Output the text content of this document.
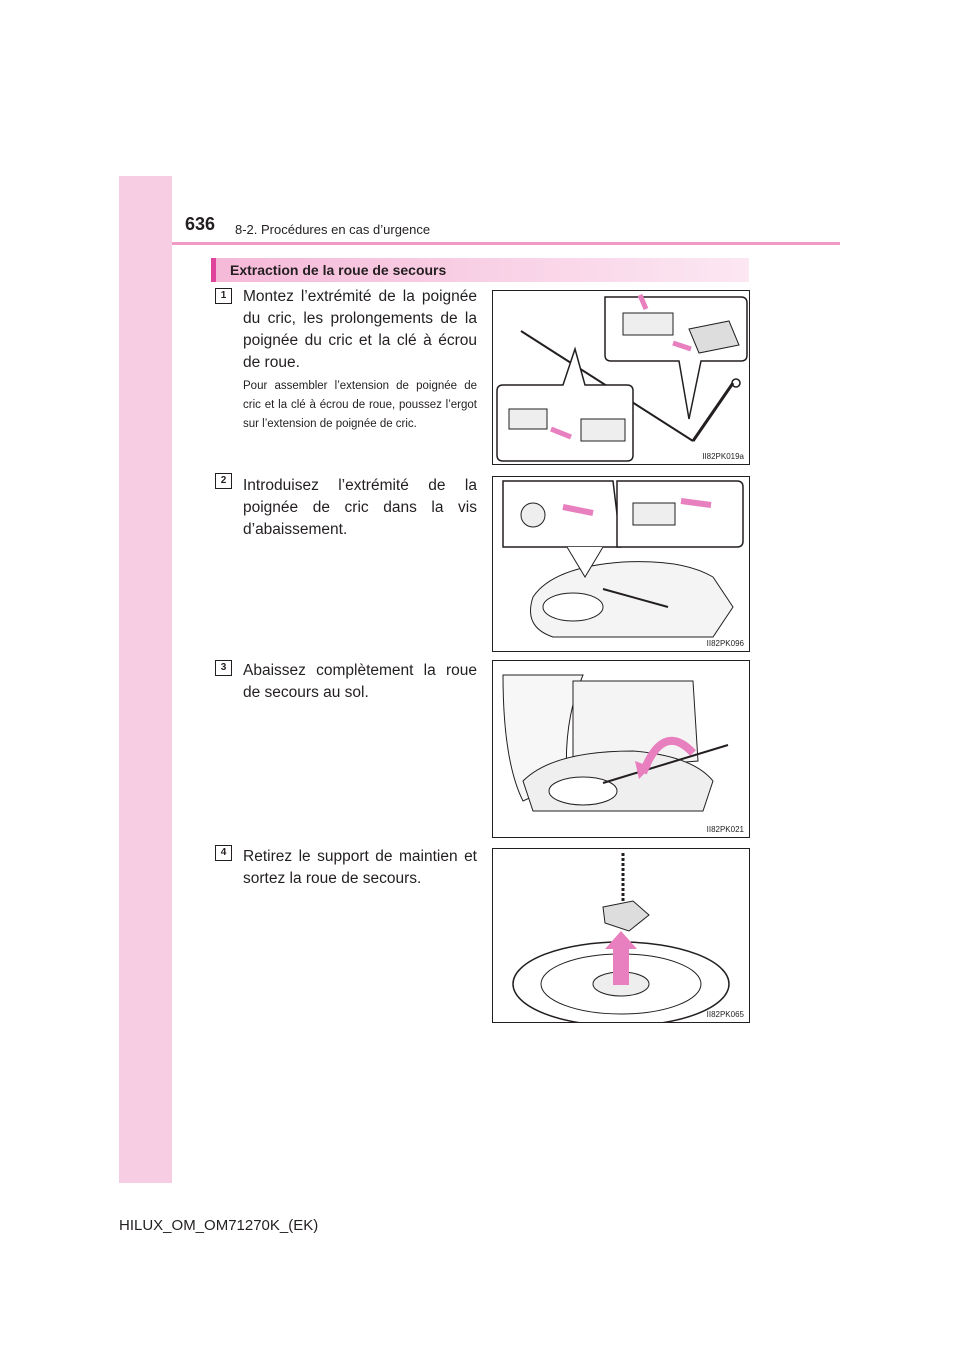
636 8-2. Procédures en cas d’urgence
Extraction de la roue de secours
1	Montez l’extrémité de la poignée du cric, les prolongements de la poignée du cric et la clé à écrou de roue.
Pour assembler l’extension de poignée de cric et la clé à écrou de roue, poussez l’ergot sur l’extension de poignée de cric.
II82PK019a
2	Introduisez l’extrémité de la poignée de cric dans la vis d’abaissement.
II82PK096
3	Abaissez complètement la roue de secours au sol.
II82PK021
4	Retirez le support de maintien et sortez la roue de secours.
II82PK065
HILUX_OM_OM71270K_(EK)
